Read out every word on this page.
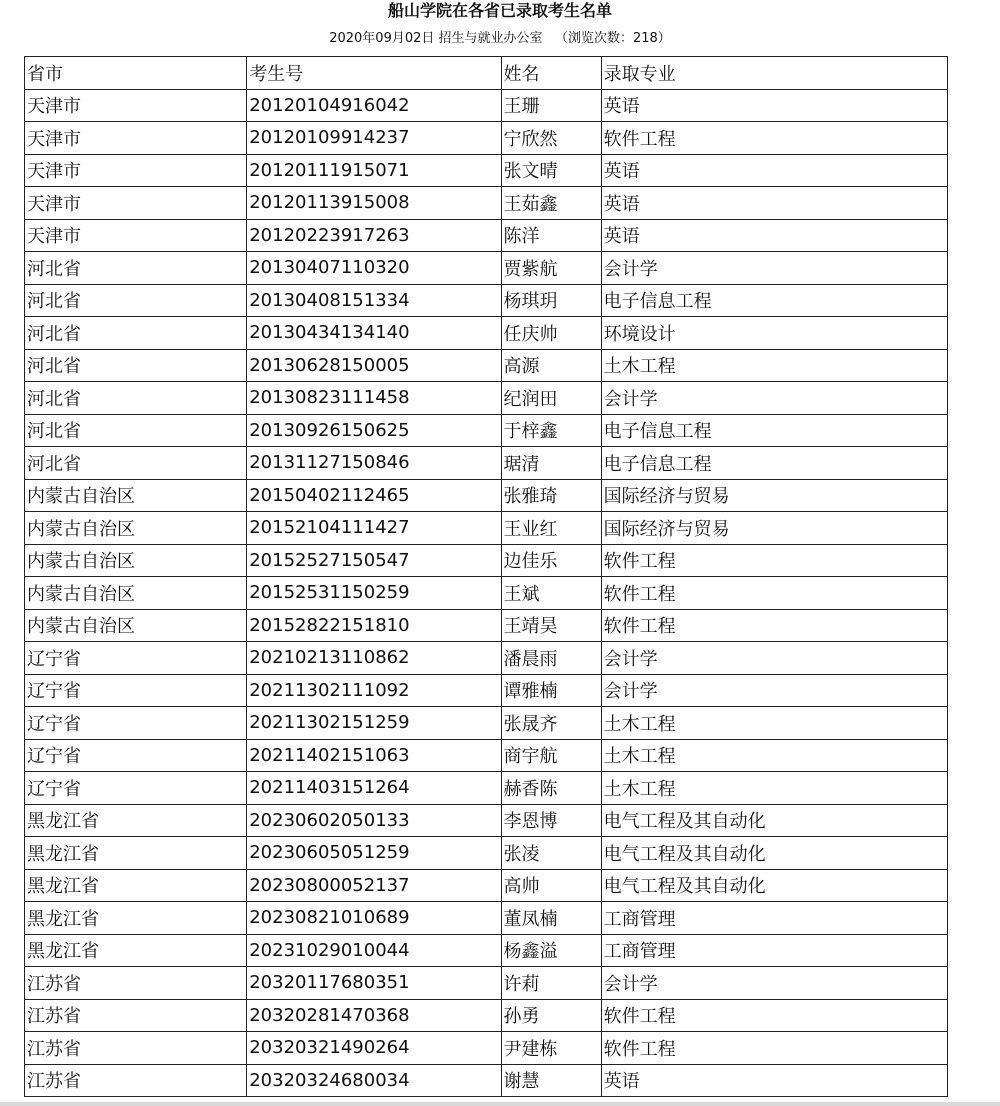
船山学院在各省已录取考生名单
2020年09月02日 招生与就业办公室 （浏览次数：218）
省市	考生号	姓名	录取专业
天津市	20120104916042	王珊	英语
天津市	20120109914237	宁欣然	软件工程
天津市	20120111915071	张文晴	英语
天津市	20120113915008	王茹鑫	英语
天津市	20120223917263	陈洋	英语
河北省	20130407110320	贾紫航	会计学
河北省	20130408151334	杨琪玥	电子信息工程
河北省	20130434134140	任庆帅	环境设计
河北省	20130628150005	高源	土木工程
河北省	20130823111458	纪润田	会计学
河北省	20130926150625	于梓鑫	电子信息工程
河北省	20131127150846	琚清	电子信息工程
内蒙古自治区	20150402112465	张雅琦	国际经济与贸易
内蒙古自治区	20152104111427	王业红	国际经济与贸易
内蒙古自治区	20152527150547	边佳乐	软件工程
内蒙古自治区	20152531150259	王斌	软件工程
内蒙古自治区	20152822151810	王靖昊	软件工程
辽宁省	20210213110862	潘晨雨	会计学
辽宁省	20211302111092	谭雅楠	会计学
辽宁省	20211302151259	张晟齐	土木工程
辽宁省	20211402151063	商宇航	土木工程
辽宁省	20211403151264	赫香陈	土木工程
黑龙江省	20230602050133	李恩博	电气工程及其自动化
黑龙江省	20230605051259	张凌	电气工程及其自动化
黑龙江省	20230800052137	高帅	电气工程及其自动化
黑龙江省	20230821010689	董凤楠	工商管理
黑龙江省	20231029010044	杨鑫溢	工商管理
江苏省	20320117680351	许莉	会计学
江苏省	20320281470368	孙勇	软件工程
江苏省	20320321490264	尹建栋	软件工程
江苏省	20320324680034	谢慧	英语
